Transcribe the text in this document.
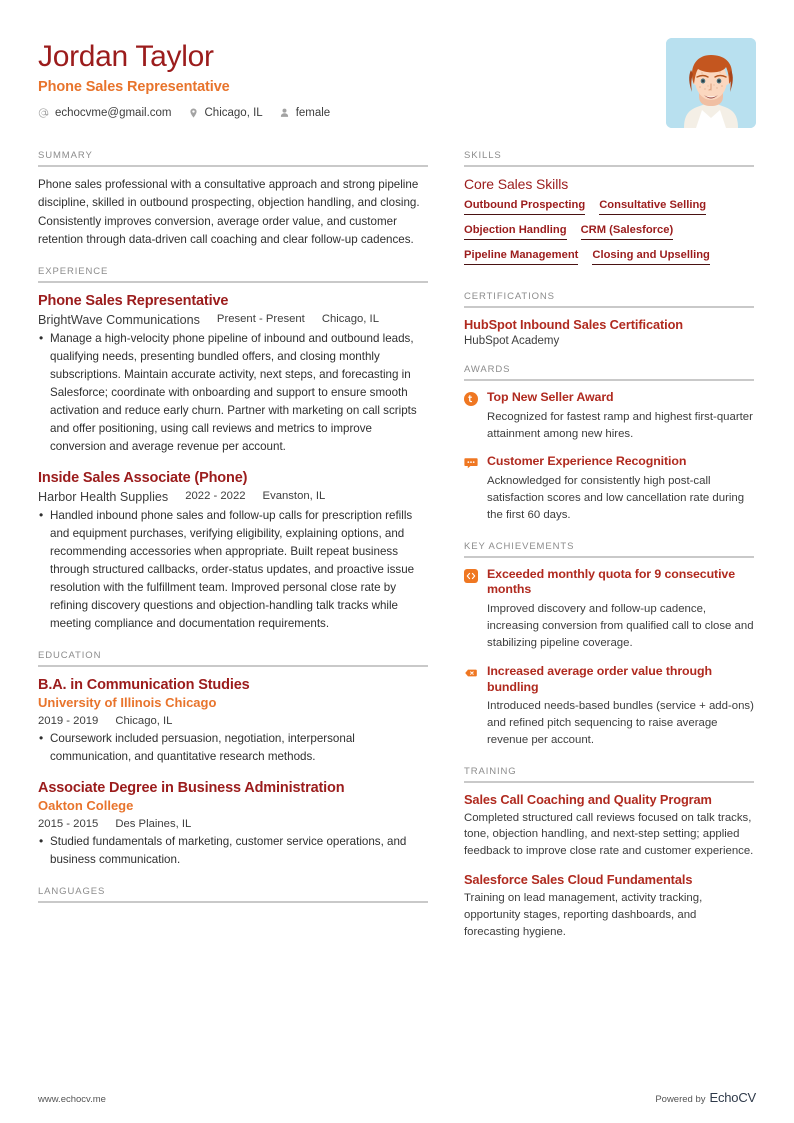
Jordan Taylor
Phone Sales Representative
echocvme@gmail.com	Chicago, IL	female
SUMMARY
Phone sales professional with a consultative approach and strong pipeline discipline, skilled in outbound prospecting, objection handling, and closing. Consistently improves conversion, average order value, and customer retention through data-driven call coaching and clear follow-up cadences.
EXPERIENCE
Phone Sales Representative
BrightWave Communications Present - Present Chicago, IL
• Manage a high-velocity phone pipeline of inbound and outbound leads, qualifying needs, presenting bundled offers, and closing monthly subscriptions. Maintain accurate activity, next steps, and forecasting in Salesforce; coordinate with onboarding and support to ensure smooth activation and reduce early churn. Partner with marketing on call scripts and offer positioning, using call reviews and metrics to improve conversion and average revenue per account.
Inside Sales Associate (Phone)
Harbor Health Supplies 2022 - 2022 Evanston, IL
• Handled inbound phone sales and follow-up calls for prescription refills and equipment purchases, verifying eligibility, explaining options, and recommending accessories when appropriate. Built repeat business through structured callbacks, order-status updates, and proactive issue resolution with the fulfillment team. Improved personal close rate by refining discovery questions and objection-handling talk tracks while meeting compliance and documentation requirements.
EDUCATION
B.A. in Communication Studies
University of Illinois Chicago
2019 - 2019 Chicago, IL
• Coursework included persuasion, negotiation, interpersonal communication, and quantitative research methods.
Associate Degree in Business Administration
Oakton College
2015 - 2015 Des Plaines, IL
• Studied fundamentals of marketing, customer service operations, and business communication.
LANGUAGES
SKILLS
Core Sales Skills
Outbound Prospecting Consultative Selling
Objection Handling CRM (Salesforce)
Pipeline Management Closing and Upselling
CERTIFICATIONS
HubSpot Inbound Sales Certification
HubSpot Academy
AWARDS
Top New Seller Award
Recognized for fastest ramp and highest first-quarter attainment among new hires.
Customer Experience Recognition
Acknowledged for consistently high post-call satisfaction scores and low cancellation rate during the first 60 days.
KEY ACHIEVEMENTS
Exceeded monthly quota for 9 consecutive months
Improved discovery and follow-up cadence, increasing conversion from qualified call to close and stabilizing pipeline coverage.
Increased average order value through bundling
Introduced needs-based bundles (service + add-ons) and refined pitch sequencing to raise average revenue per account.
TRAINING
Sales Call Coaching and Quality Program
Completed structured call reviews focused on talk tracks, tone, objection handling, and next-step setting; applied feedback to improve close rate and customer experience.
Salesforce Sales Cloud Fundamentals
Training on lead management, activity tracking, opportunity stages, reporting dashboards, and forecasting hygiene.
www.echocv.me	Powered by EchoCV
